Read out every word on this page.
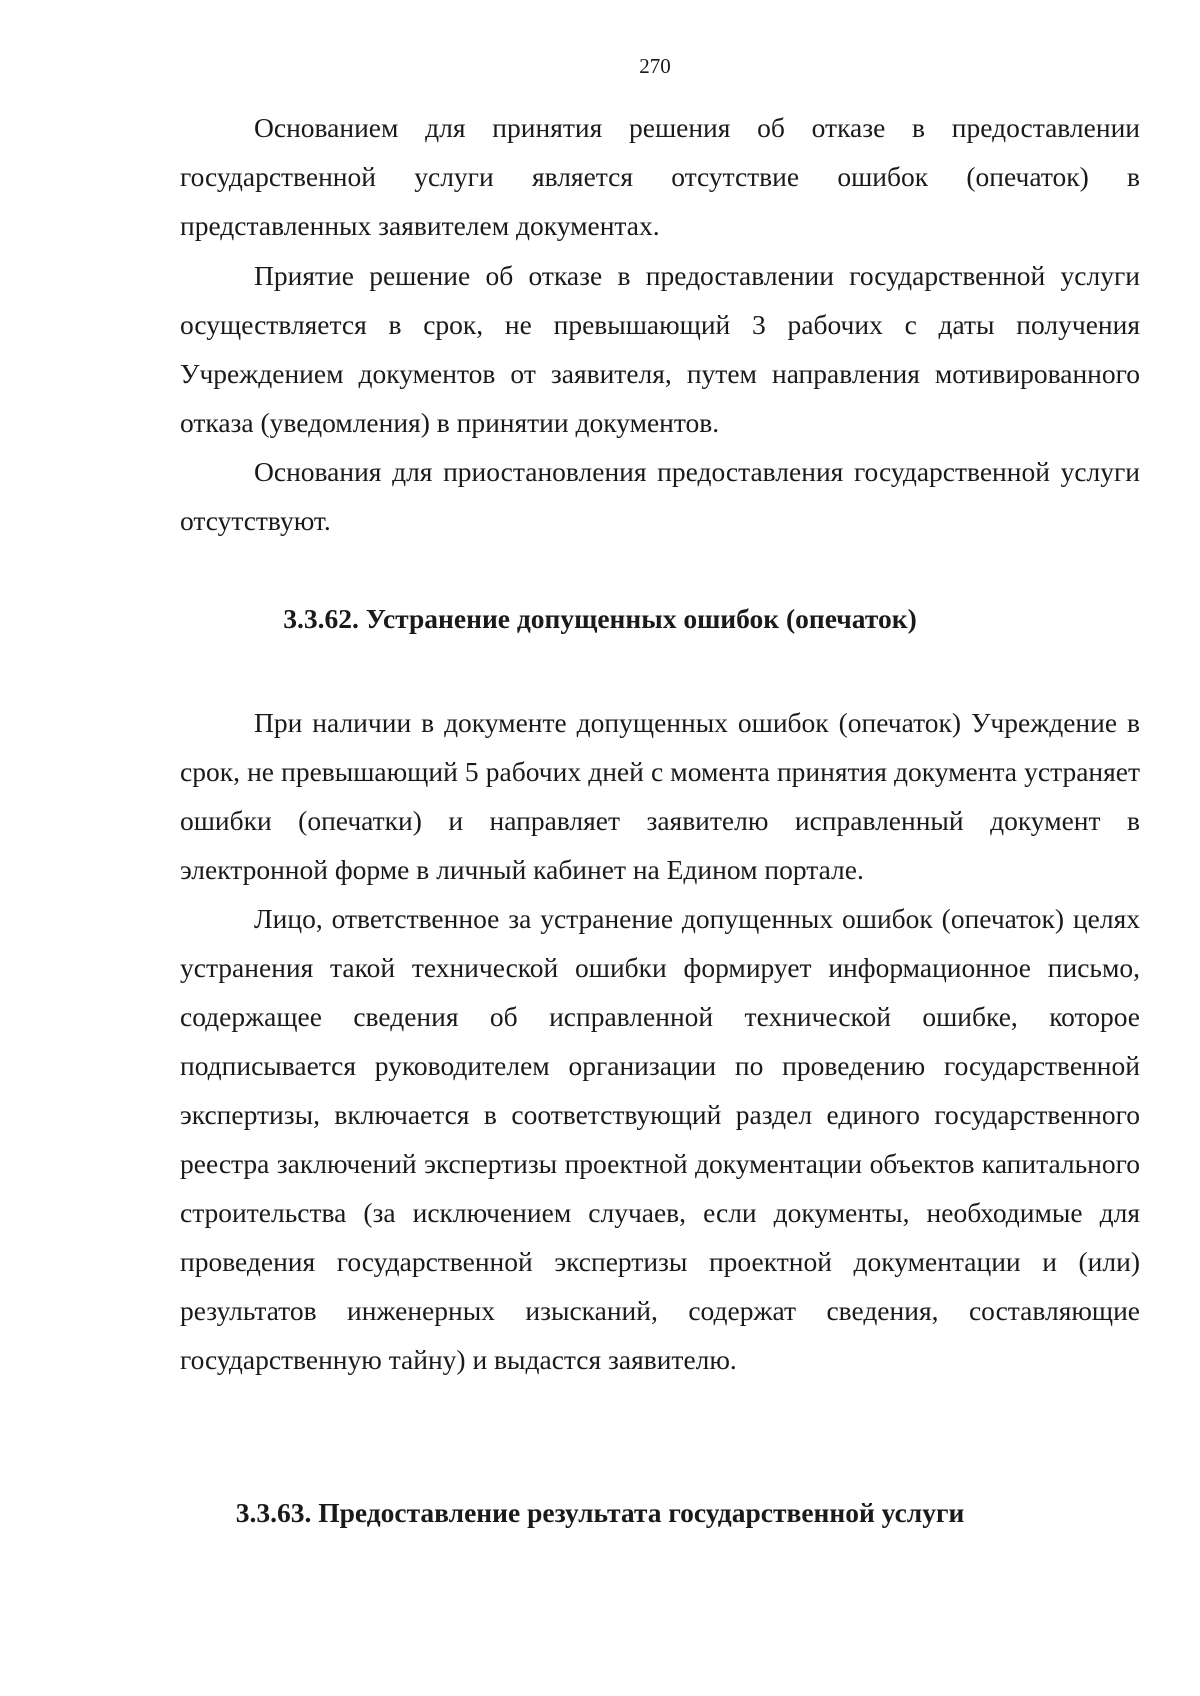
270

Основанием для принятия решения об отказе в предоставлении государственной услуги является отсутствие ошибок (опечаток) в представленных заявителем документах.

Приятие решение об отказе в предоставлении государственной услуги осуществляется в срок, не превышающий 3 рабочих с даты получения Учреждением документов от заявителя, путем направления мотивированного отказа (уведомления) в принятии документов.

Основания для приостановления предоставления государственной услуги отсутствуют.

3.3.62. Устранение допущенных ошибок (опечаток)

При наличии в документе допущенных ошибок (опечаток) Учреждение в срок, не превышающий 5 рабочих дней с момента принятия документа устраняет ошибки (опечатки) и направляет заявителю исправленный документ в электронной форме в личный кабинет на Едином портале.

Лицо, ответственное за устранение допущенных ошибок (опечаток) целях устранения такой технической ошибки формирует информационное письмо, содержащее сведения об исправленной технической ошибке, которое подписывается руководителем организации по проведению государственной экспертизы, включается в соответствующий раздел единого государственного реестра заключений экспертизы проектной документации объектов капитального строительства (за исключением случаев, если документы, необходимые для проведения государственной экспертизы проектной документации и (или) результатов инженерных изысканий, содержат сведения, составляющие государственную тайну) и выдастся заявителю.

3.3.63. Предоставление результата государственной услуги
